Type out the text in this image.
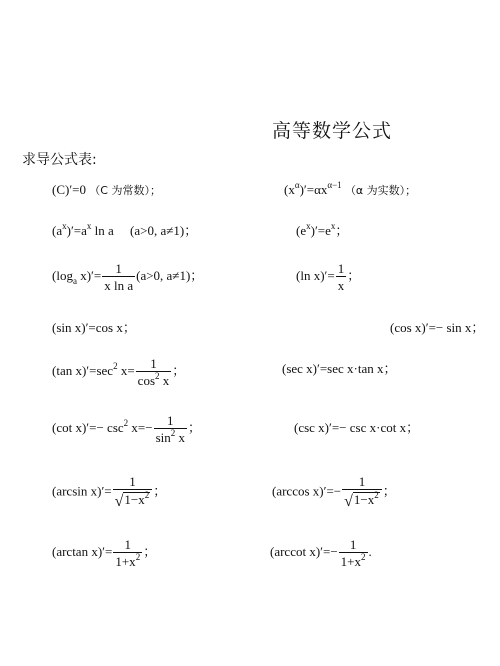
高等数学公式
求导公式表:
(C)′=0 （C 为常数）；	$(x^\alpha)'=\alpha x^{\alpha-1}$ （α 为实数）；
$(a^x)'=a^x$ ln a (a>0, a≠1)；	$(e^x)'=e^x$；
($\log_a$ $x)'= \frac{1}{\text{x ln a}} (a>0$, a≠1)；	(ln $x)'= \frac{1}{x}$ ；
(sin x)′=cos x；	(cos x)′=− sin x；
(tan $x)'=\sec^2$ $x= \frac{1}{\cos^2 x}$ ；	(sec x)′=sec x·tan x；
(cot $x)'=- \csc^2 x=- \frac{1}{\sin^2 x}$ ；	(csc x)′=− csc x·cot x；
(arcsin $x)'= \frac{1}{√1-x^2}$ ；	(arccos $x)'=- \frac{1}{√1-x^2}$ ；
(arctan $x)'= \frac{1}{1+x^2}$ ；	(arccot $x)'=- \frac{1}{1+x^2}$ .
